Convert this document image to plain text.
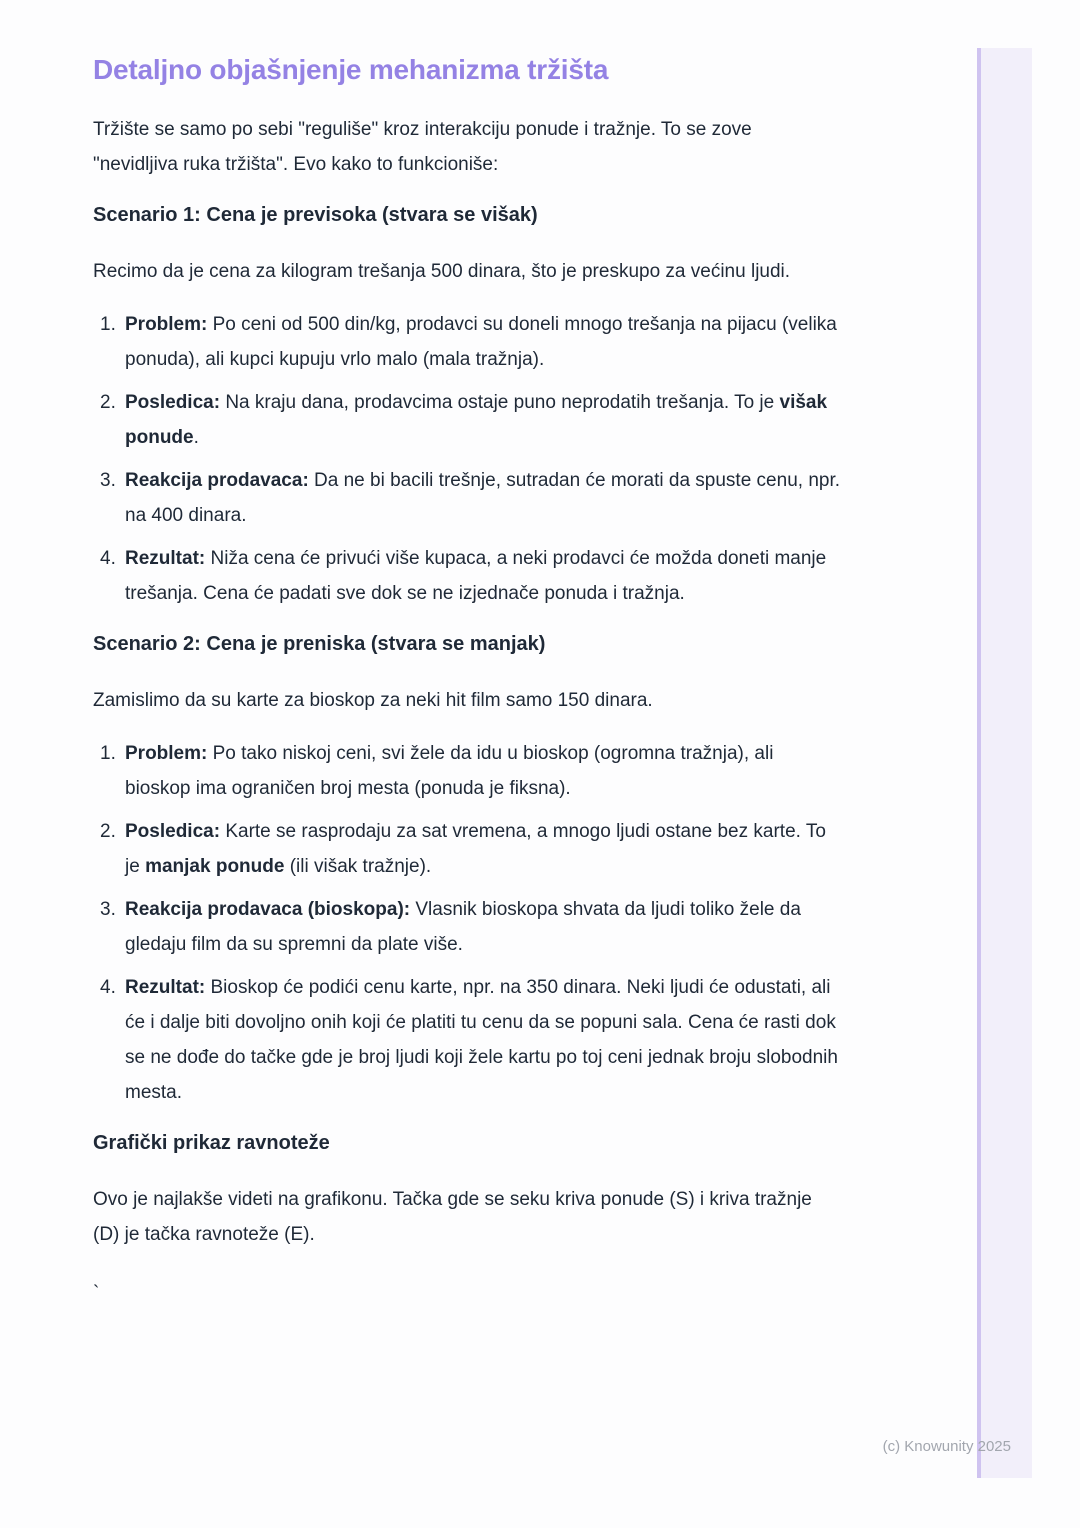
Detaljno objašnjenje mehanizma tržišta

Tržište se samo po sebi "reguliše" kroz interakciju ponude i tražnje. To se zove "nevidljiva ruka tržišta". Evo kako to funkcioniše:

Scenario 1: Cena je previsoka (stvara se višak)

Recimo da je cena za kilogram trešanja 500 dinara, što je preskupo za većinu ljudi.

Problem: Po ceni od 500 din/kg, prodavci su doneli mnogo trešanja na pijacu (velika ponuda), ali kupci kupuju vrlo malo (mala tražnja).
Posledica: Na kraju dana, prodavcima ostaje puno neprodatih trešanja. To je višak ponude.
Reakcija prodavaca: Da ne bi bacili trešnje, sutradan će morati da spuste cenu, npr. na 400 dinara.
Rezultat: Niža cena će privući više kupaca, a neki prodavci će možda doneti manje trešanja. Cena će padati sve dok se ne izjednače ponuda i tražnja.
Scenario 2: Cena je preniska (stvara se manjak)

Zamislimo da su karte za bioskop za neki hit film samo 150 dinara.

Problem: Po tako niskoj ceni, svi žele da idu u bioskop (ogromna tražnja), ali bioskop ima ograničen broj mesta (ponuda je fiksna).
Posledica: Karte se rasprodaju za sat vremena, a mnogo ljudi ostane bez karte. To je manjak ponude (ili višak tražnje).
Reakcija prodavaca (bioskopa): Vlasnik bioskopa shvata da ljudi toliko žele da gledaju film da su spremni da plate više.
Rezultat: Bioskop će podići cenu karte, npr. na 350 dinara. Neki ljudi će odustati, ali će i dalje biti dovoljno onih koji će platiti tu cenu da se popuni sala. Cena će rasti dok se ne dođe do tačke gde je broj ljudi koji žele kartu po toj ceni jednak broju slobodnih mesta.
Grafički prikaz ravnoteže

Ovo je najlakše videti na grafikonu. Tačka gde se seku kriva ponude (S) i kriva tražnje (D) je tačka ravnoteže (E).

`

(c) Knowunity 2025
